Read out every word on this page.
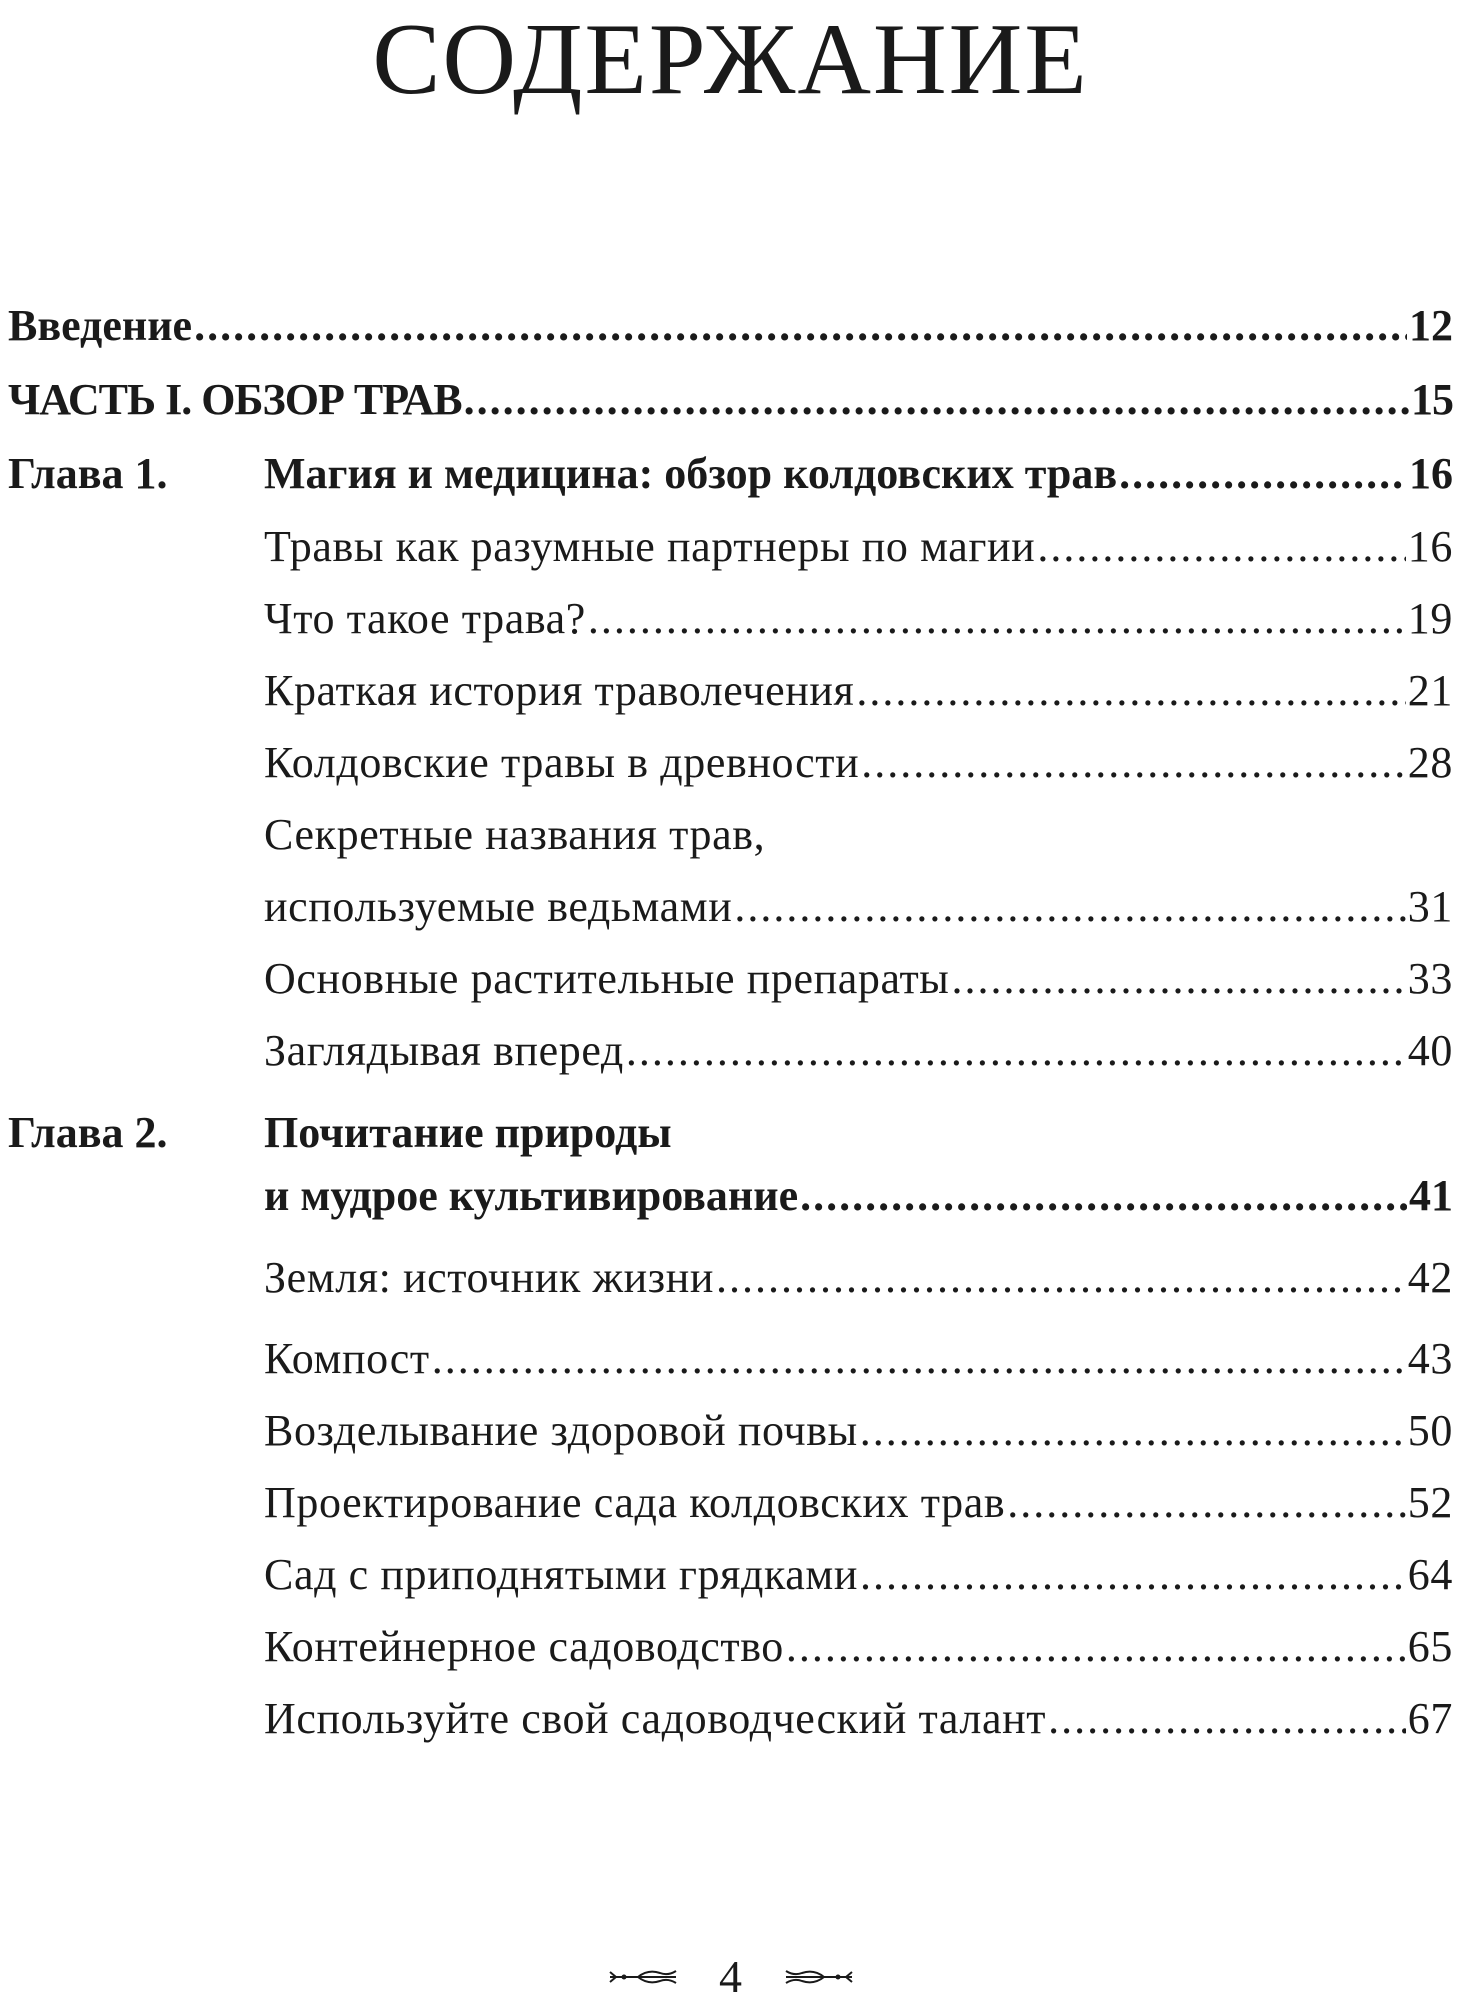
СОДЕРЖАНИЕ
Введение .....	12
ЧАСТЬ I. ОБЗОР ТРАВ .....	15
Глава 1. Магия и медицина: обзор колдовских трав .....	16
Травы как разумные партнеры по магии .....	16
Что такое трава? .....	19
Краткая история траволечения .....	21
Колдовские травы в древности .....	28
Секретные названия трав,
используемые ведьмами .....	31
Основные растительные препараты .....	33
Заглядывая вперед .....	40
Глава 2. Почитание природы
и мудрое культивирование .....	41
Земля: источник жизни .....	42
Компост .....	43
Возделывание здоровой почвы .....	50
Проектирование сада колдовских трав .....	52
Сад с приподнятыми грядками .....	64
Контейнерное садоводство .....	65
Используйте свой садоводческий талант .....	67
4
